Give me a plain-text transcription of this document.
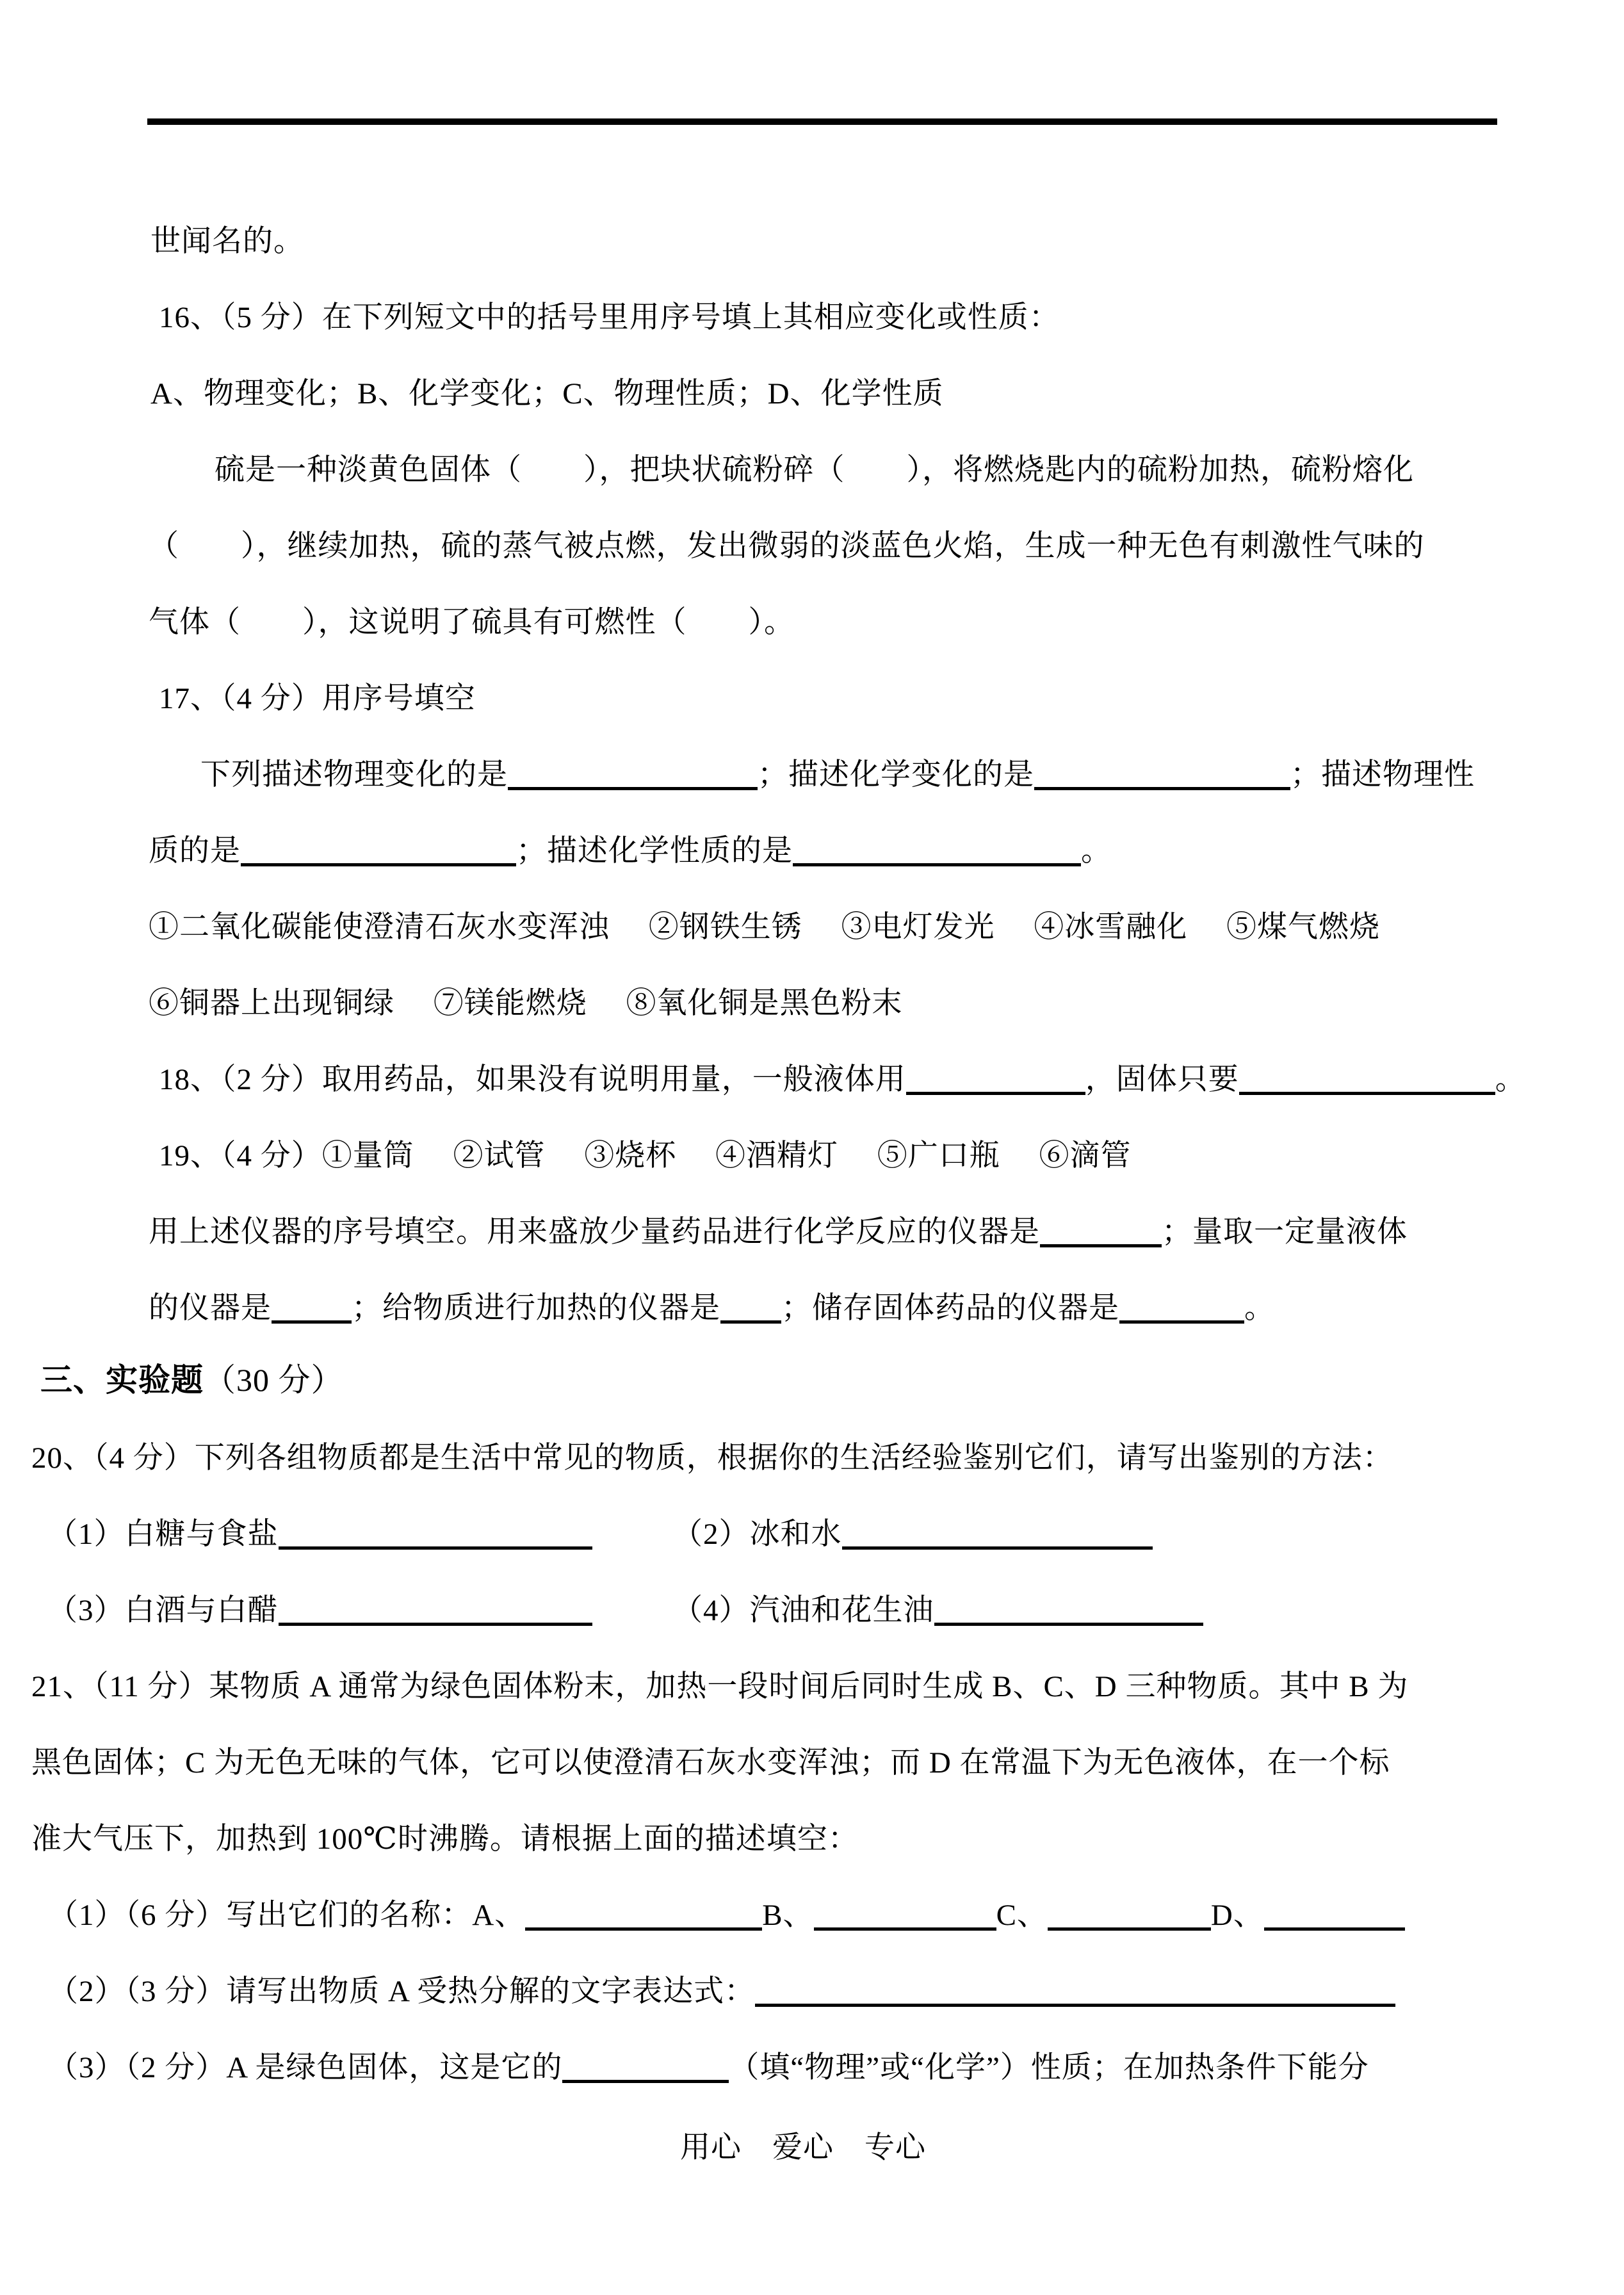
世闻名的。
16、（5 分）在下列短文中的括号里用序号填上其相应变化或性质：
A、物理变化；B、化学变化；C、物理性质；D、化学性质
硫是一种淡黄色固体（　　），把块状硫粉碎（　　），将燃烧匙内的硫粉加热，硫粉熔化
（　　），继续加热，硫的蒸气被点燃，发出微弱的淡蓝色火焰，生成一种无色有刺激性气味的
气体（　　），这说明了硫具有可燃性（　　）。
17、（4 分）用序号填空
下列描述物理变化的是	；描述化学变化的是	；描述物理性
质的是	；描述化学性质的是	。
①二氧化碳能使澄清石灰水变浑浊　 ②钢铁生锈　 ③电灯发光　 ④冰雪融化　 ⑤煤气燃烧
⑥铜器上出现铜绿　 ⑦镁能燃烧　 ⑧氧化铜是黑色粉末
18、（2 分）取用药品，如果没有说明用量，一般液体用	，固体只要	。
19、（4 分）①量筒　 ②试管　 ③烧杯　 ④酒精灯　 ⑤广口瓶　 ⑥滴管
用上述仪器的序号填空。用来盛放少量药品进行化学反应的仪器是	；量取一定量液体
的仪器是	；给物质进行加热的仪器是 ；储存固体药品的仪器是	。
三、实验题（30 分）
20、（4 分）下列各组物质都是生活中常见的物质，根据你的生活经验鉴别它们，请写出鉴别的方法：
（1）白糖与食盐	（2）冰和水
（3）白酒与白醋	（4）汽油和花生油
21、（11 分）某物质 A 通常为绿色固体粉末，加热一段时间后同时生成 B、C、D 三种物质。其中 B 为
黑色固体；C 为无色无味的气体，它可以使澄清石灰水变浑浊；而 D 在常温下为无色液体，在一个标
准大气压下，加热到 100℃时沸腾。请根据上面的描述填空：
（1）（6 分）写出它们的名称：A、	B、	C、	D、
（2）（3 分）请写出物质 A 受热分解的文字表达式：
（3）（2 分）A 是绿色固体，这是它的	（填“物理”或“化学”）性质；在加热条件下能分
用心　爱心　专心
